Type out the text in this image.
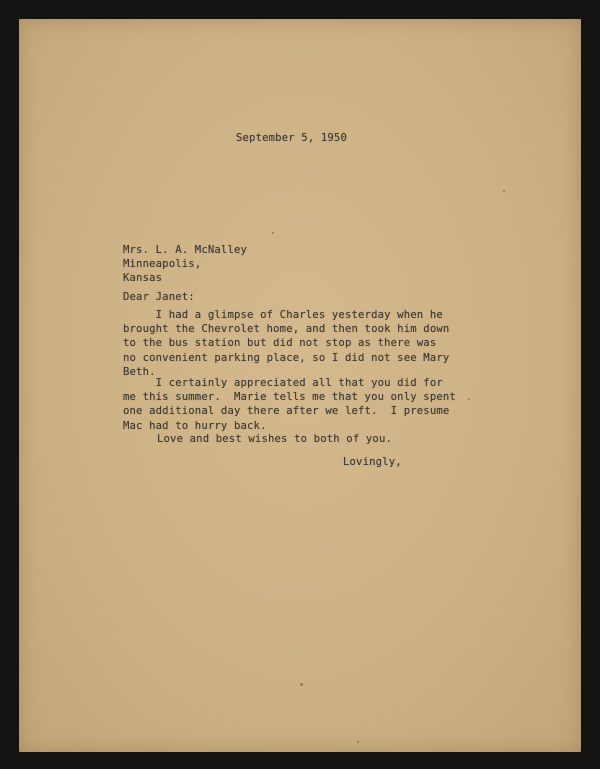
September 5, 1950
Mrs. L. A. McNalley
Minneapolis,
Kansas
Dear Janet:
I had a glimpse of Charles yesterday when he
brought the Chevrolet home, and then took him down
to the bus station but did not stop as there was
no convenient parking place, so I did not see Mary
Beth.
I certainly appreciated all that you did for
me this summer.  Marie tells me that you only spent
one additional day there after we left.  I presume
Mac had to hurry back.
Love and best wishes to both of you.
Lovingly,
